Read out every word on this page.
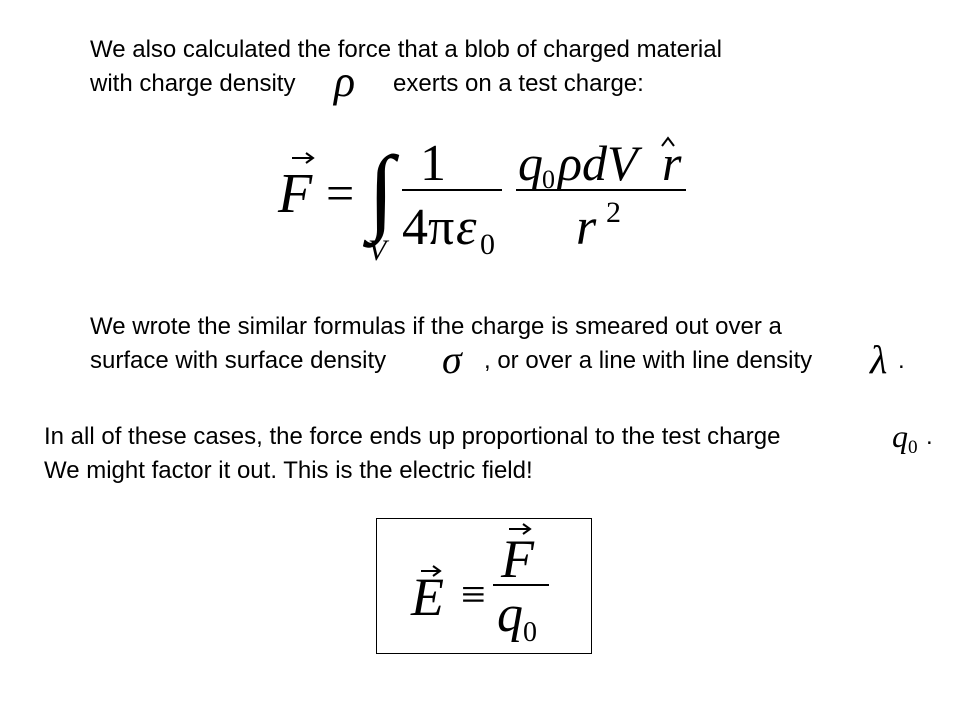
We also calculated the force that a blob of charged material
with charge density ρ exerts on a test charge:
F = ∫
V
1
4π ε 0
q 0 ρdV r
r 2
We wrote the similar formulas if the charge is smeared out over a
surface with surface density σ , or over a line with line density λ .
In all of these cases, the force ends up proportional to the test charge	$q_0$ .
We might factor it out. This is the electric field!
E ≡
F
q 0
